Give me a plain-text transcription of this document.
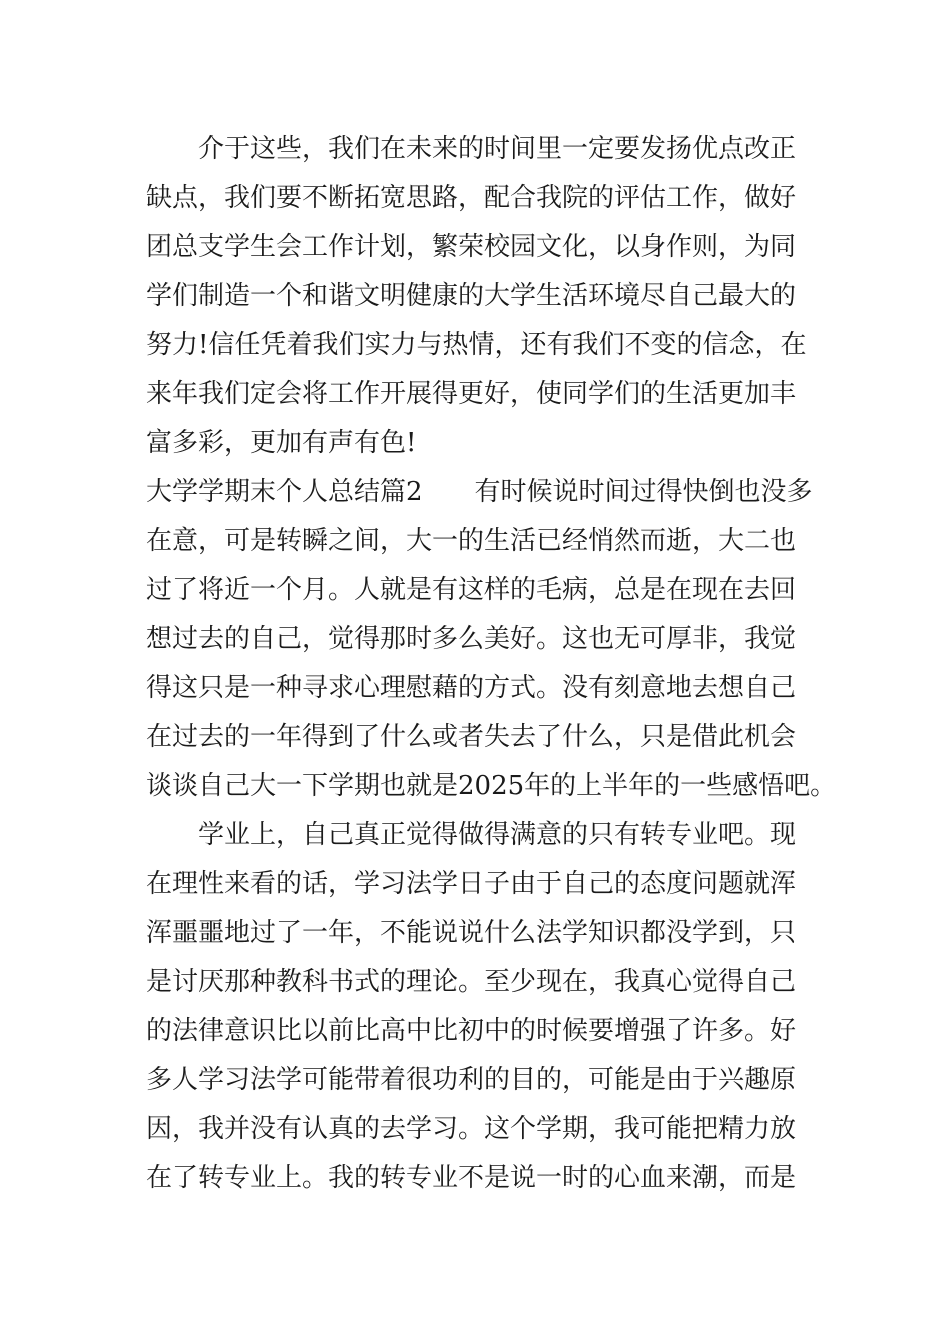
　　介于这些，我们在未来的时间里一定要发扬优点改正
缺点，我们要不断拓宽思路，配合我院的评估工作，做好
团总支学生会工作计划，繁荣校园文化，以身作则，为同
学们制造一个和谐文明健康的大学生活环境尽自己最大的
努力!信任凭着我们实力与热情，还有我们不变的信念，在
来年我们定会将工作开展得更好，使同学们的生活更加丰
富多彩，更加有声有色!
大学学期末个人总结篇2　　有时候说时间过得快倒也没多
在意，可是转瞬之间，大一的生活已经悄然而逝，大二也
过了将近一个月。人就是有这样的毛病，总是在现在去回
想过去的自己，觉得那时多么美好。这也无可厚非，我觉
得这只是一种寻求心理慰藉的方式。没有刻意地去想自己
在过去的一年得到了什么或者失去了什么，只是借此机会
谈谈自己大一下学期也就是2025年的上半年的一些感悟吧。
　　学业上，自己真正觉得做得满意的只有转专业吧。现
在理性来看的话，学习法学日子由于自己的态度问题就浑
浑噩噩地过了一年，不能说说什么法学知识都没学到，只
是讨厌那种教科书式的理论。至少现在，我真心觉得自己
的法律意识比以前比高中比初中的时候要增强了许多。好
多人学习法学可能带着很功利的目的，可能是由于兴趣原
因，我并没有认真的去学习。这个学期，我可能把精力放
在了转专业上。我的转专业不是说一时的心血来潮，而是
